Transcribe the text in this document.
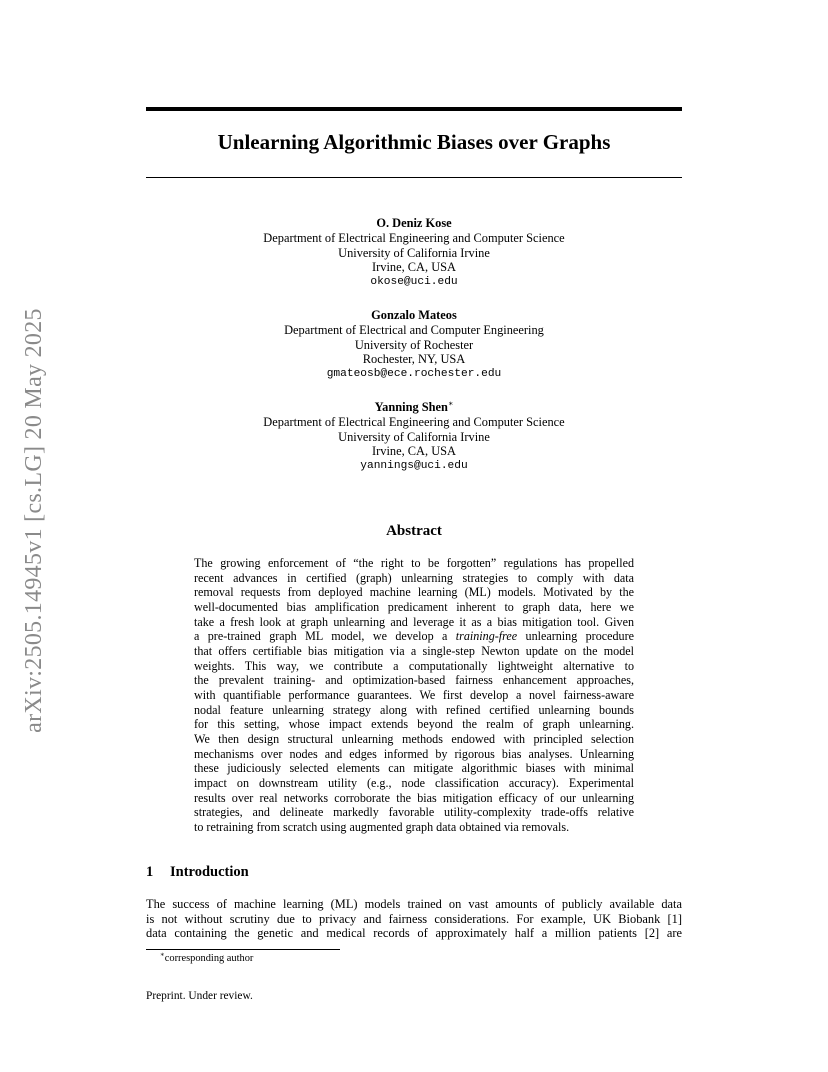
arXiv:2505.14945v1 [cs.LG] 20 May 2025
Unlearning Algorithmic Biases over Graphs
O. Deniz Kose
Department of Electrical Engineering and Computer Science
University of California Irvine
Irvine, CA, USA
okose@uci.edu
Gonzalo Mateos
Department of Electrical and Computer Engineering
University of Rochester
Rochester, NY, USA
gmateosb@ece.rochester.edu
Yanning Shen∗
Department of Electrical Engineering and Computer Science
University of California Irvine
Irvine, CA, USA
yannings@uci.edu
Abstract
The growing enforcement of “the right to be forgotten” regulations has propelled
recent advances in certified (graph) unlearning strategies to comply with data
removal requests from deployed machine learning (ML) models. Motivated by the
well-documented bias amplification predicament inherent to graph data, here we
take a fresh look at graph unlearning and leverage it as a bias mitigation tool. Given
a pre-trained graph ML model, we develop a training-free unlearning procedure
that offers certifiable bias mitigation via a single-step Newton update on the model
weights. This way, we contribute a computationally lightweight alternative to
the prevalent training- and optimization-based fairness enhancement approaches,
with quantifiable performance guarantees. We first develop a novel fairness-aware
nodal feature unlearning strategy along with refined certified unlearning bounds
for this setting, whose impact extends beyond the realm of graph unlearning.
We then design structural unlearning methods endowed with principled selection
mechanisms over nodes and edges informed by rigorous bias analyses. Unlearning
these judiciously selected elements can mitigate algorithmic biases with minimal
impact on downstream utility (e.g., node classification accuracy). Experimental
results over real networks corroborate the bias mitigation efficacy of our unlearning
strategies, and delineate markedly favorable utility-complexity trade-offs relative
to retraining from scratch using augmented graph data obtained via removals.
1 Introduction
The success of machine learning (ML) models trained on vast amounts of publicly available data
is not without scrutiny due to privacy and fairness considerations. For example, UK Biobank [1]
data containing the genetic and medical records of approximately half a million patients [2] are
∗corresponding author
Preprint. Under review.
